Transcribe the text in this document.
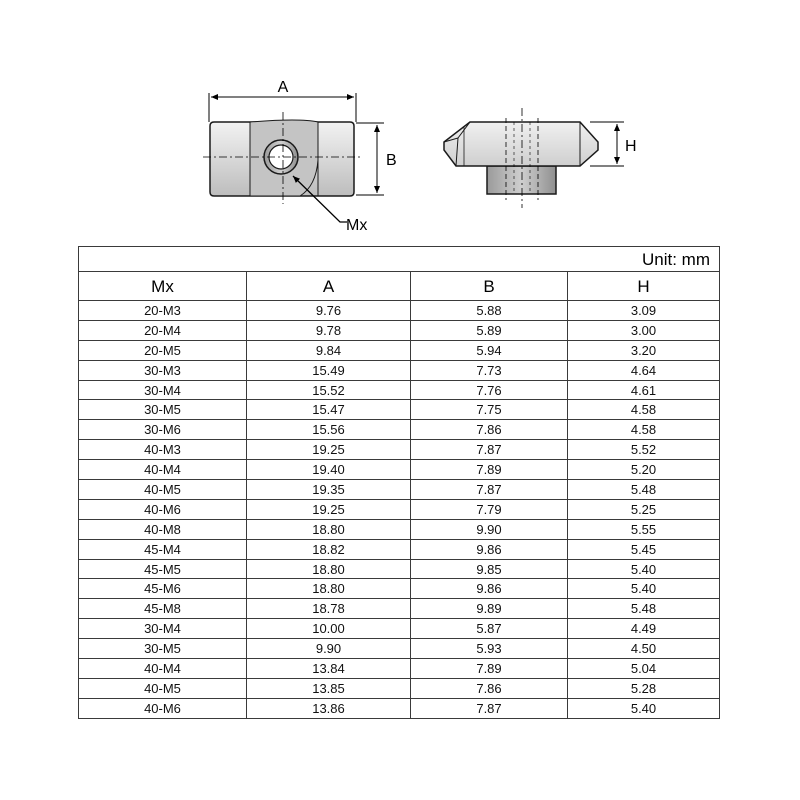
A
B
Mx
H
Unit: mm			
Mx	A	B	H
20-M3	9.76	5.88	3.09
20-M4	9.78	5.89	3.00
20-M5	9.84	5.94	3.20
30-M3	15.49	7.73	4.64
30-M4	15.52	7.76	4.61
30-M5	15.47	7.75	4.58
30-M6	15.56	7.86	4.58
40-M3	19.25	7.87	5.52
40-M4	19.40	7.89	5.20
40-M5	19.35	7.87	5.48
40-M6	19.25	7.79	5.25
40-M8	18.80	9.90	5.55
45-M4	18.82	9.86	5.45
45-M5	18.80	9.85	5.40
45-M6	18.80	9.86	5.40
45-M8	18.78	9.89	5.48
30-M4	10.00	5.87	4.49
30-M5	9.90	5.93	4.50
40-M4	13.84	7.89	5.04
40-M5	13.85	7.86	5.28
40-M6	13.86	7.87	5.40
